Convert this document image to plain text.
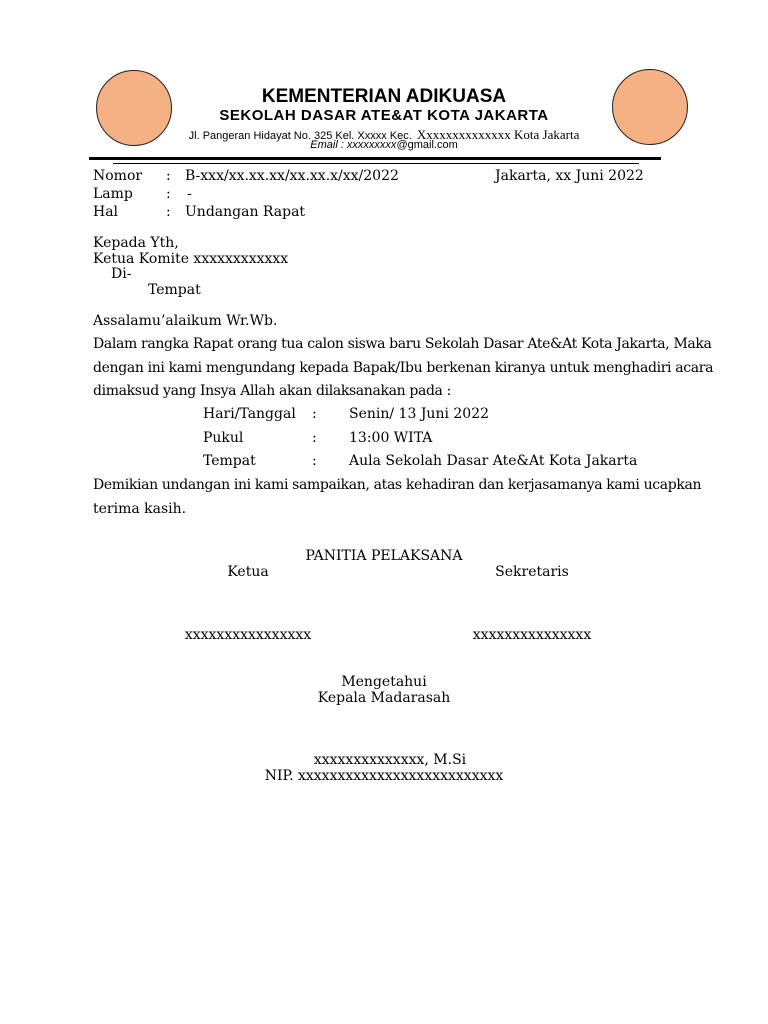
KEMENTERIAN ADIKUASA
SEKOLAH DASAR ATE&AT KOTA JAKARTA
Jl. Pangeran Hidayat No. 325 Kel. Xxxxx Kec. Xxxxxxxxxxxxxx Kota Jakarta
Email : xxxxxxxxx@gmail.com
Nomor : B-xxx/xx.xx.xx/xx.xx.x/xx/2022	Jakarta, xx Juni 2022
Lamp : -
Hal	: Undangan Rapat
Kepada Yth,
Ketua Komite xxxxxxxxxxxx
Di-
Tempat
Assalamu’alaikum Wr.Wb.
Dalam rangka Rapat orang tua calon siswa baru Sekolah Dasar Ate&At Kota Jakarta, Maka
dengan ini kami mengundang kepada Bapak/Ibu berkenan kiranya untuk menghadiri acara
dimaksud yang Insya Allah akan dilaksanakan pada :
Hari/Tanggal : Senin/ 13 Juni 2022
Pukul	: 13:00 WITA
Tempat	: Aula Sekolah Dasar Ate&At Kota Jakarta
Demikian undangan ini kami sampaikan, atas kehadiran dan kerjasamanya kami ucapkan
terima kasih.
PANITIA PELAKSANA
Ketua	Sekretaris
xxxxxxxxxxxxxxxx	xxxxxxxxxxxxxxx
Mengetahui
Kepala Madarasah
xxxxxxxxxxxxxx, M.Si
NIP. xxxxxxxxxxxxxxxxxxxxxxxxxx
